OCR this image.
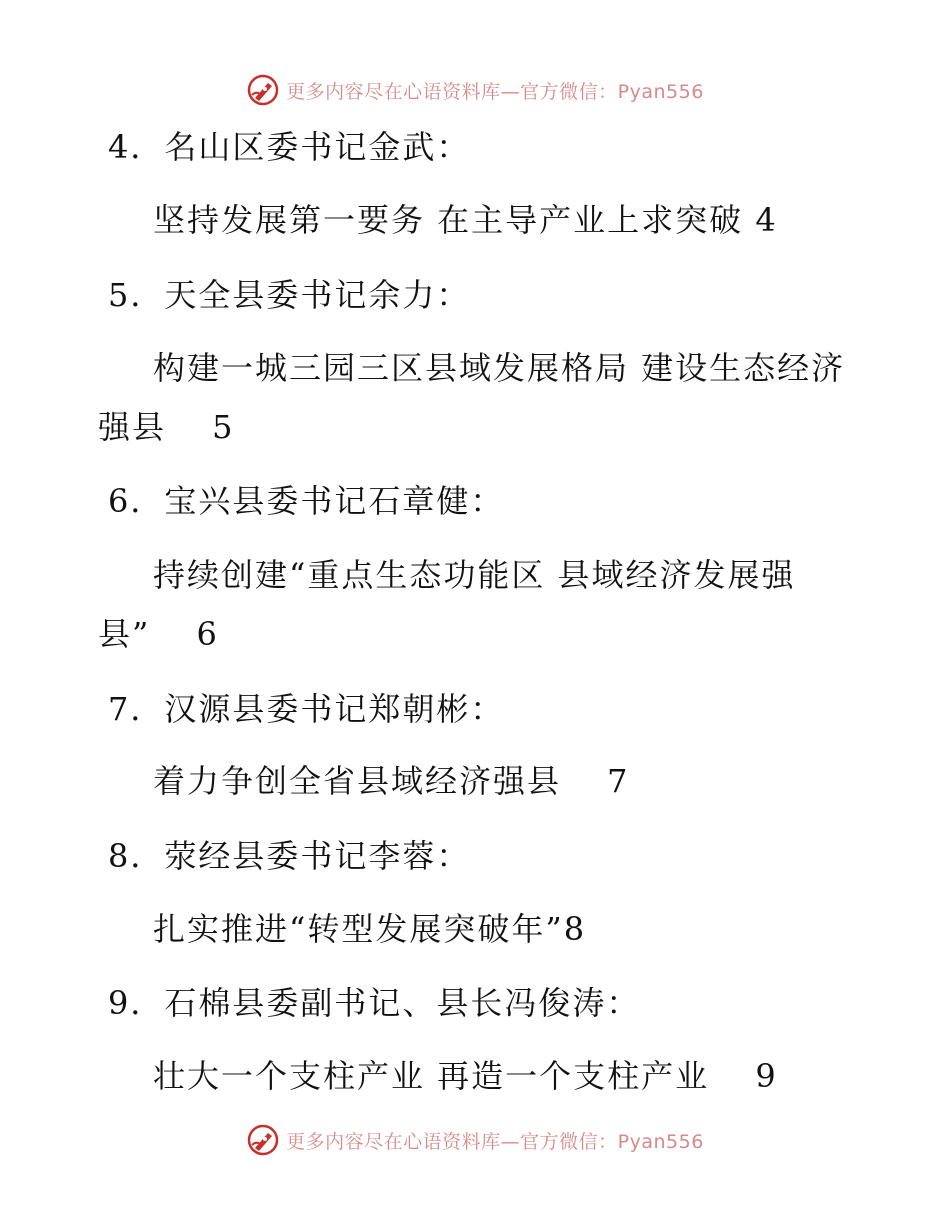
更多内容尽在心语资料库—官方微信：Pyan556
4．名山区委书记金武：
坚持发展第一要务 在主导产业上求突破 4
5．天全县委书记余力：
构建一城三园三区县域发展格局 建设生态经济
强县　 5
6．宝兴县委书记石章健：
持续创建“重点生态功能区 县域经济发展强
县”　 6
7．汉源县委书记郑朝彬：
着力争创全省县域经济强县　 7
8．荥经县委书记李蓉：
扎实推进“转型发展突破年”8
9．石棉县委副书记、县长冯俊涛：
壮大一个支柱产业 再造一个支柱产业　 9
更多内容尽在心语资料库—官方微信：Pyan556
